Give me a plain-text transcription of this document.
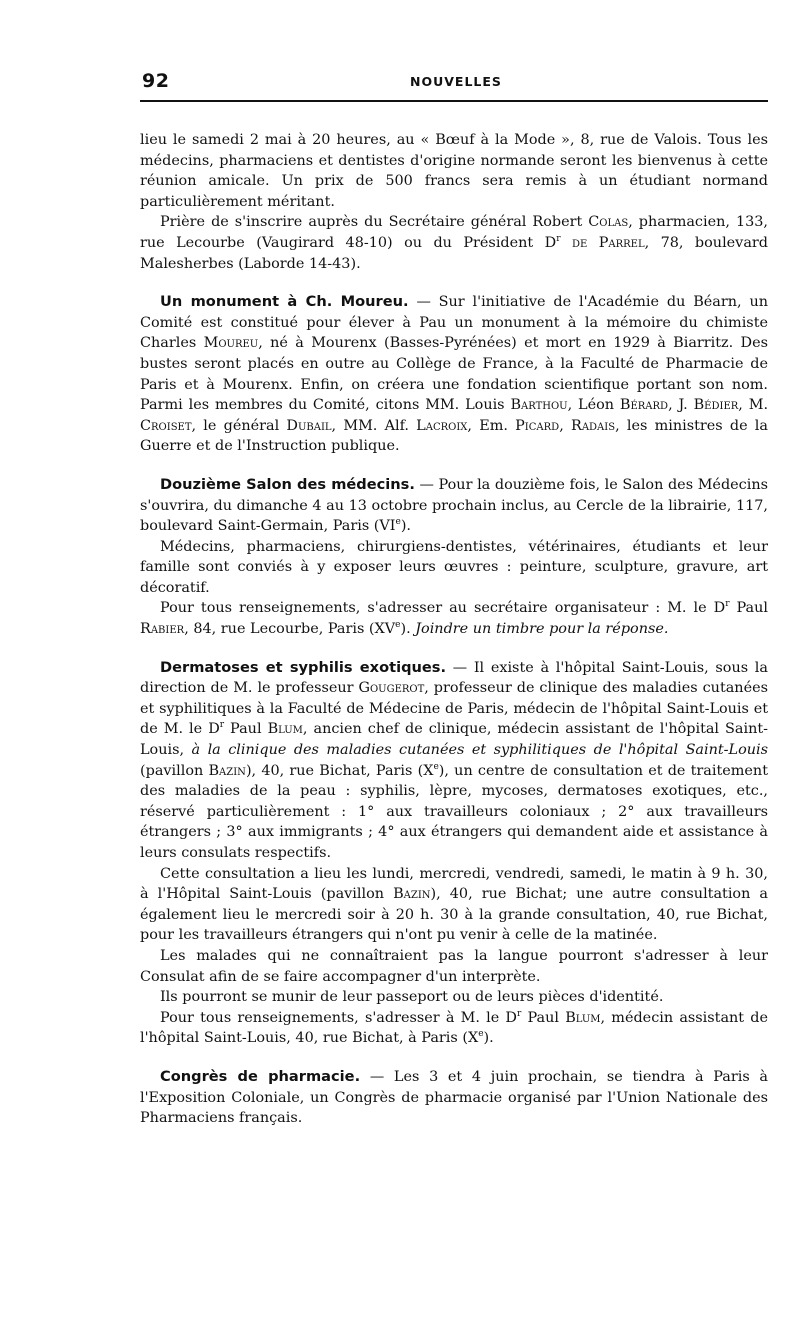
92	NOUVELLES

lieu le samedi 2 mai à 20 heures, au « Bœuf à la Mode », 8, rue de Valois. Tous les médecins, pharmaciens et dentistes d'origine normande seront les bienvenus à cette réunion amicale. Un prix de 500 francs sera remis à un étudiant normand particulièrement méritant.

Prière de s'inscrire auprès du Secrétaire général Robert Colas, pharmacien, 133, rue Lecourbe (Vaugirard 48-10) ou du Président $D^r$ de Parrel, 78, boulevard Malesherbes (Laborde 14-43).

Un monument à Ch. Moureu. — Sur l'initiative de l'Académie du Béarn, un Comité est constitué pour élever à Pau un monument à la mémoire du chimiste Charles Moureu, né à Mourenx (Basses-Pyrénées) et mort en 1929 à Biarritz. Des bustes seront placés en outre au Collège de France, à la Faculté de Pharmacie de Paris et à Mourenx. Enfin, on créera une fondation scientifique portant son nom. Parmi les membres du Comité, citons MM. Louis Barthou, Léon Bérard, J. Bédier, M. Croiset, le général Dubail, MM. Alf. Lacroix, Em. Picard, Radais, les ministres de la Guerre et de l'Instruction publique.

Douzième Salon des médecins. — Pour la douzième fois, le Salon des Médecins s'ouvrira, du dimanche 4 au 13 octobre prochain inclus, au Cercle de la librairie, 117, boulevard Saint-Germain, Paris (VIe).

Médecins, pharmaciens, chirurgiens-dentistes, vétérinaires, étudiants et leur famille sont conviés à y exposer leurs œuvres : peinture, sculpture, gravure, art décoratif.

Pour tous renseignements, s'adresser au secrétaire organisateur : M. le $D^r$ Paul Rabier, 84, rue Lecourbe, Paris (XVe). Joindre un timbre pour la réponse.

Dermatoses et syphilis exotiques. — Il existe à l'hôpital Saint-Louis, sous la direction de M. le professeur Gougerot, professeur de clinique des maladies cutanées et syphilitiques à la Faculté de Médecine de Paris, médecin de l'hôpital Saint-Louis et de M. le $D^r$ Paul Blum, ancien chef de clinique, médecin assistant de l'hôpital Saint-Louis, à la clinique des maladies cutanées et syphilitiques de l'hôpital Saint-Louis (pavillon Bazin), 40, rue Bichat, Paris (Xe), un centre de consultation et de traitement des maladies de la peau : syphilis, lèpre, mycoses, dermatoses exotiques, etc., réservé particulièrement : 1° aux travailleurs coloniaux ; 2° aux travailleurs étrangers ; 3° aux immigrants ; 4° aux étrangers qui demandent aide et assistance à leurs consulats respectifs.

Cette consultation a lieu les lundi, mercredi, vendredi, samedi, le matin à 9 h. 30, à l'Hôpital Saint-Louis (pavillon Bazin), 40, rue Bichat; une autre consultation a également lieu le mercredi soir à 20 h. 30 à la grande consultation, 40, rue Bichat, pour les travailleurs étrangers qui n'ont pu venir à celle de la matinée.

Les malades qui ne connaîtraient pas la langue pourront s'adresser à leur Consulat afin de se faire accompagner d'un interprète.

Ils pourront se munir de leur passeport ou de leurs pièces d'identité.

Pour tous renseignements, s'adresser à M. le $D^r$ Paul Blum, médecin assistant de l'hôpital Saint-Louis, 40, rue Bichat, à Paris (Xe).

Congrès de pharmacie. — Les 3 et 4 juin prochain, se tiendra à Paris à l'Exposition Coloniale, un Congrès de pharmacie organisé par l'Union Nationale des Pharmaciens français.
